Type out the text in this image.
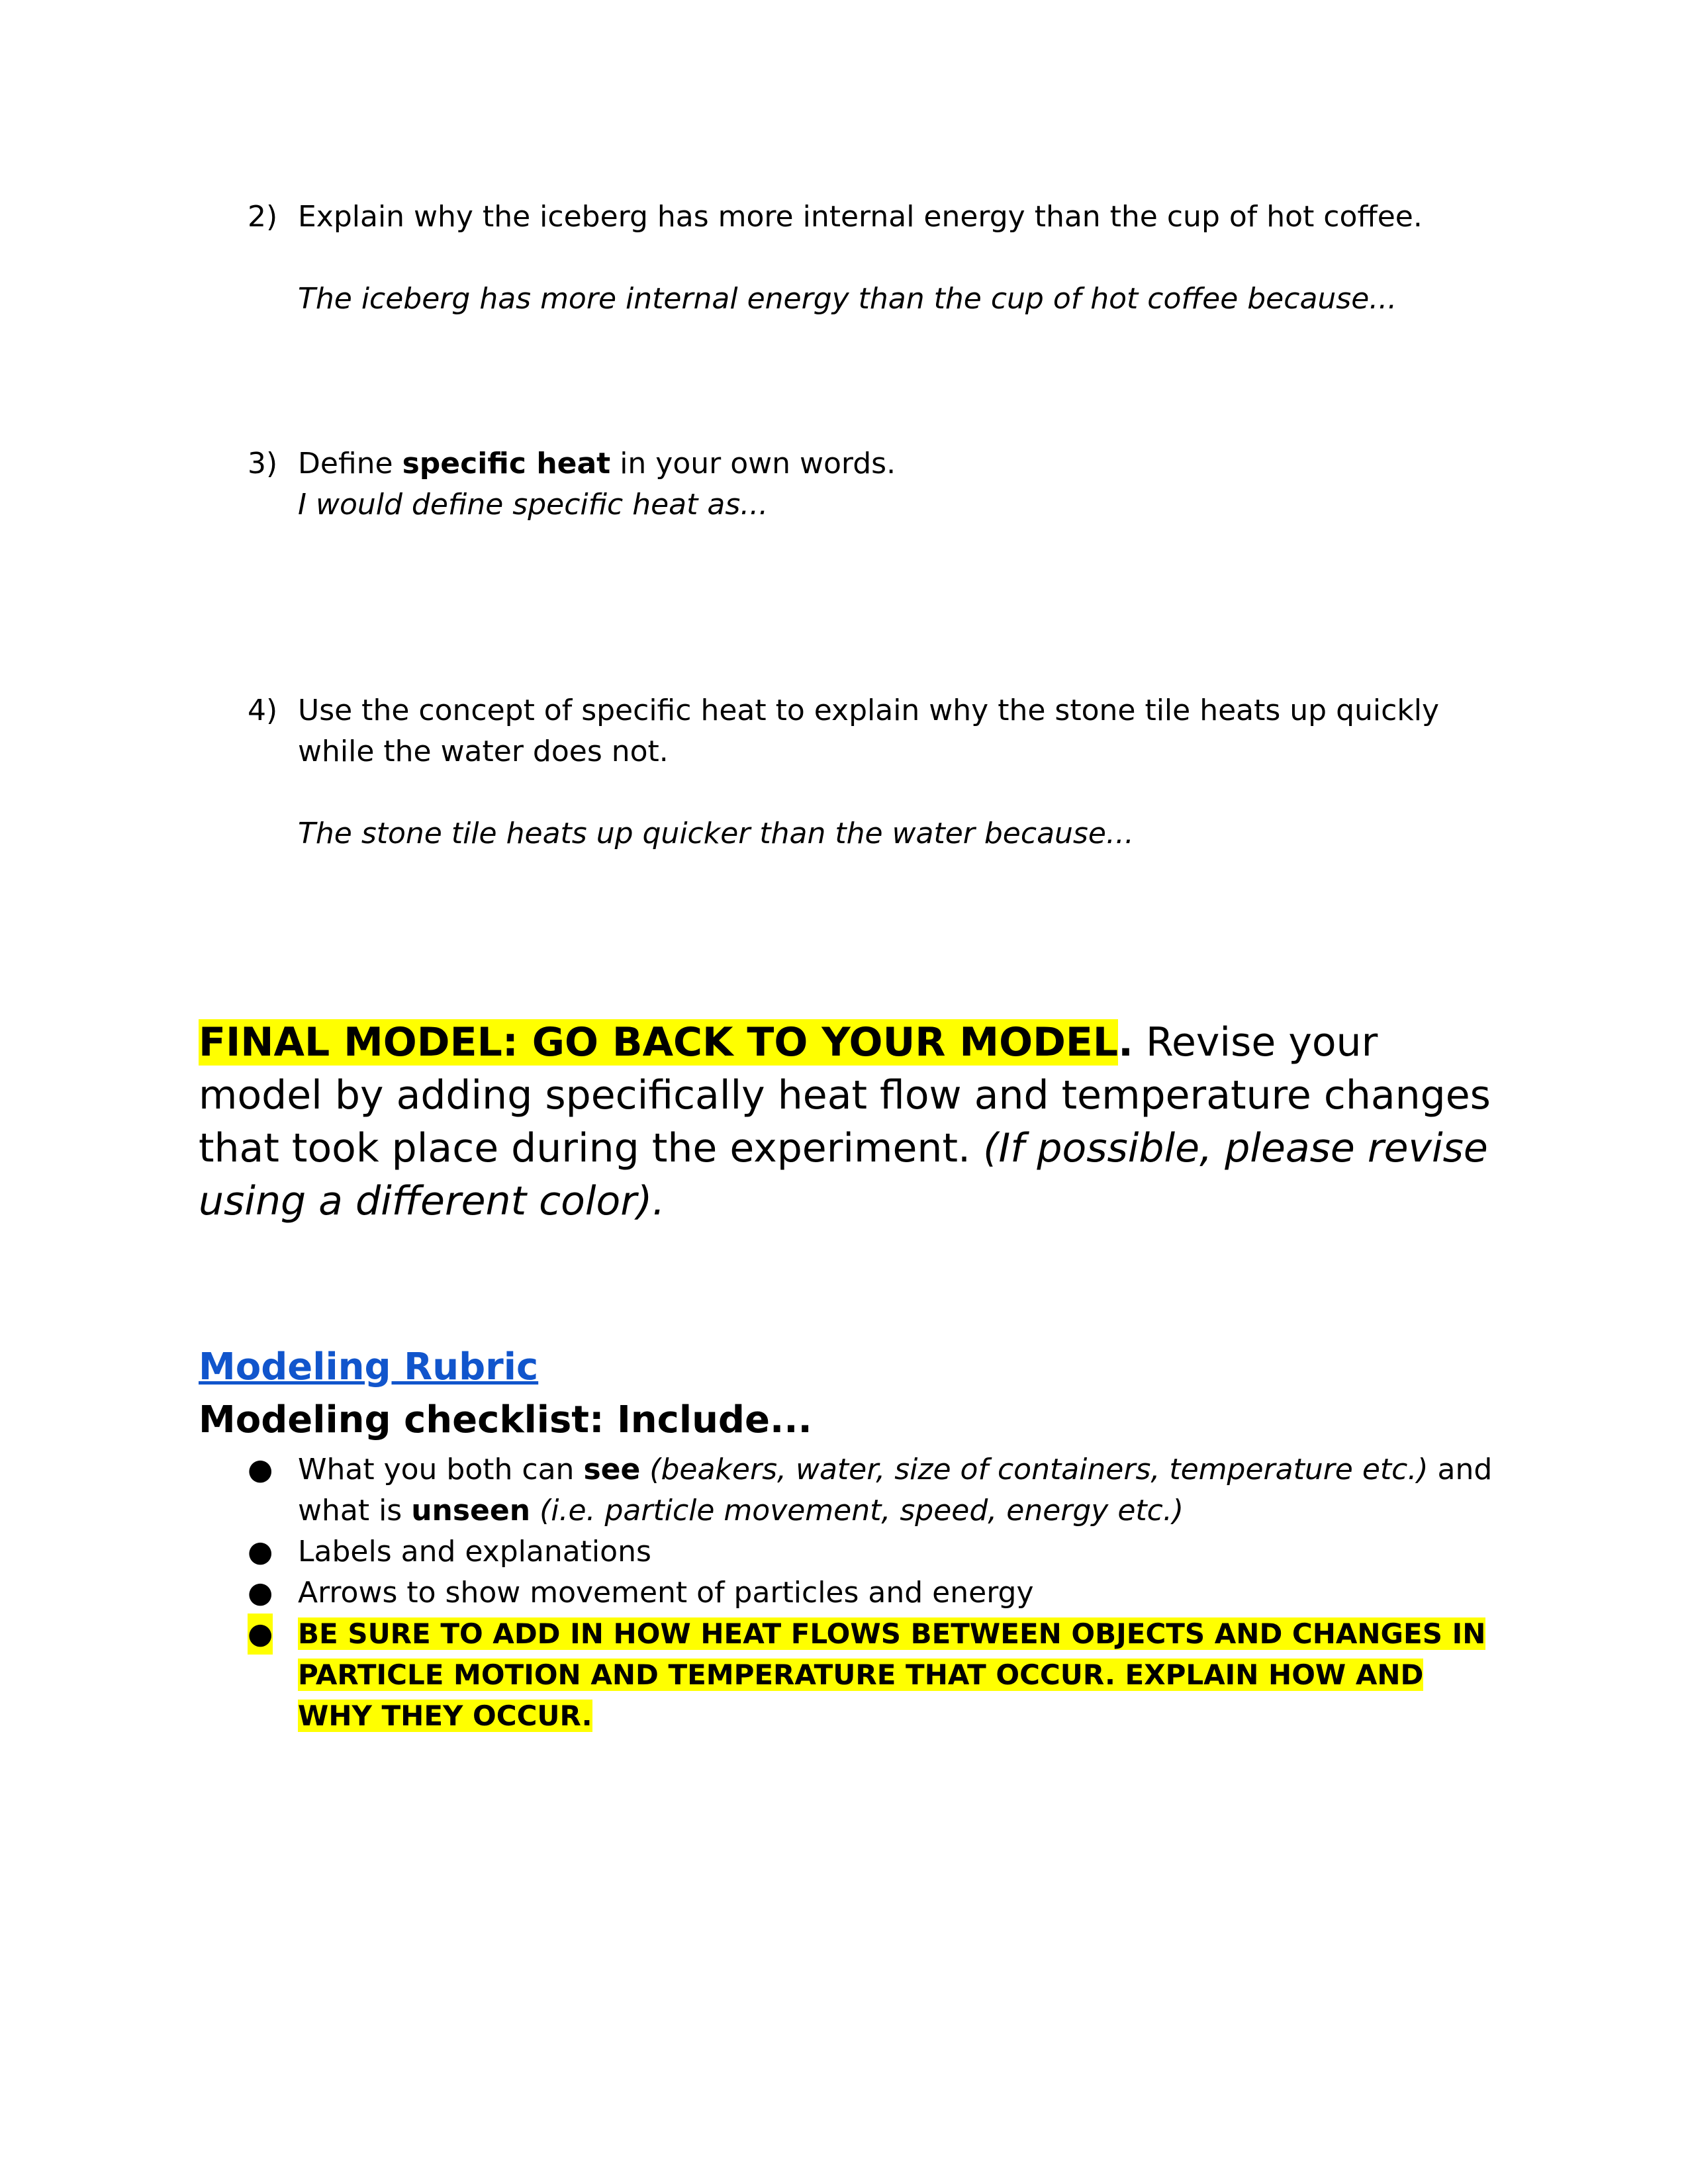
2) Explain why the iceberg has more internal energy than the cup of hot coffee.
The iceberg has more internal energy than the cup of hot coffee because...
3) Define specific heat in your own words.
I would define specific heat as...
4) Use the concept of specific heat to explain why the stone tile heats up quickly while the water does not.
The stone tile heats up quicker than the water because...
FINAL MODEL: GO BACK TO YOUR MODEL. Revise your model by adding specifically heat flow and temperature changes that took place during the experiment. (If possible, please revise using a different color).
Modeling Rubric
Modeling checklist: Include...
● What you both can see (beakers, water, size of containers, temperature etc.) and what is unseen (i.e. particle movement, speed, energy etc.)
● Labels and explanations
● Arrows to show movement of particles and energy
● BE SURE TO ADD IN HOW HEAT FLOWS BETWEEN OBJECTS AND CHANGES IN PARTICLE MOTION AND TEMPERATURE THAT OCCUR. EXPLAIN HOW AND WHY THEY OCCUR.
